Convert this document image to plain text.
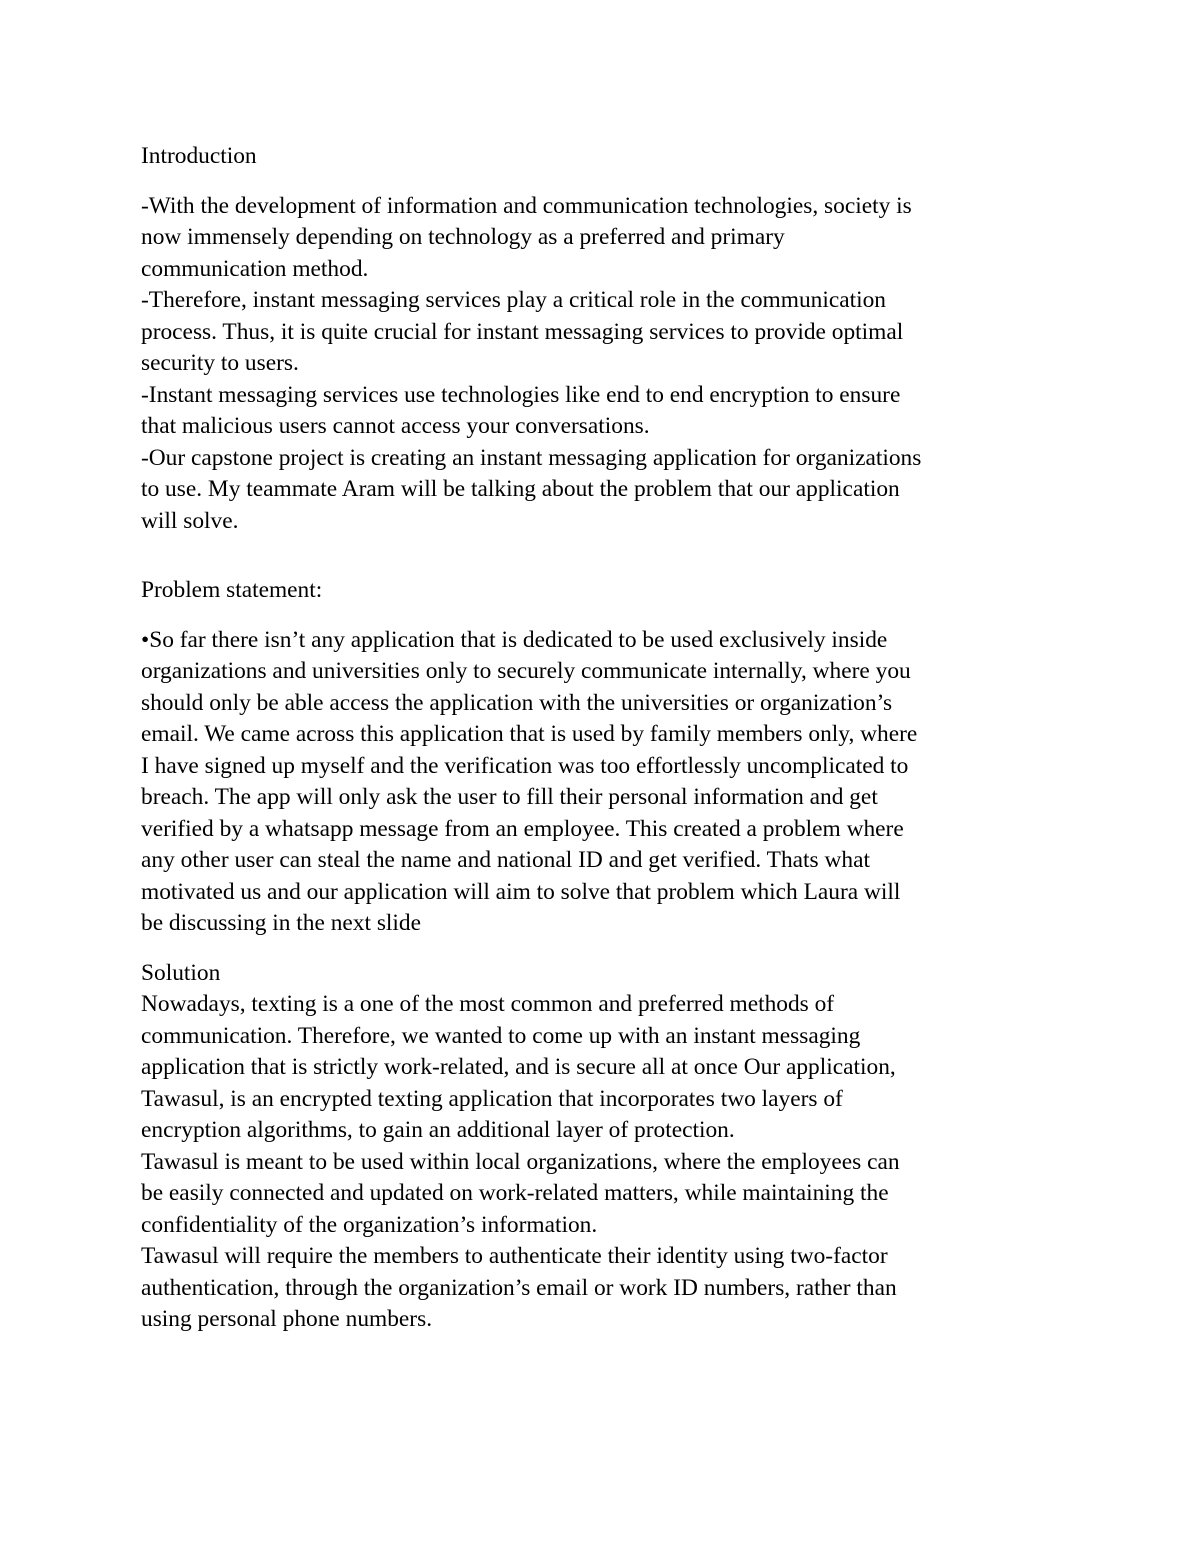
Introduction

-With the development of information and communication technologies, society is

now immensely depending on technology as a preferred and primary

communication method.

-Therefore, instant messaging services play a critical role in the communication

process. Thus, it is quite crucial for instant messaging services to provide optimal

security to users.

-Instant messaging services use technologies like end to end encryption to ensure

that malicious users cannot access your conversations.

-Our capstone project is creating an instant messaging application for organizations

to use. My teammate Aram will be talking about the problem that our application

will solve.

Problem statement:

•So far there isn’t any application that is dedicated to be used exclusively inside

organizations and universities only to securely communicate internally, where you

should only be able access the application with the universities or organization’s

email. We came across this application that is used by family members only, where

I have signed up myself and the verification was too effortlessly uncomplicated to

breach. The app will only ask the user to fill their personal information and get

verified by a whatsapp message from an employee. This created a problem where

any other user can steal the name and national ID and get verified. Thats what

motivated us and our application will aim to solve that problem which Laura will

be discussing in the next slide

Solution

Nowadays, texting is a one of the most common and preferred methods of

communication. Therefore, we wanted to come up with an instant messaging

application that is strictly work-related, and is secure all at once Our application,

Tawasul, is an encrypted texting application that incorporates two layers of

encryption algorithms, to gain an additional layer of protection.

Tawasul is meant to be used within local organizations, where the employees can

be easily connected and updated on work-related matters, while maintaining the

confidentiality of the organization’s information.

Tawasul will require the members to authenticate their identity using two-factor

authentication, through the organization’s email or work ID numbers, rather than

using personal phone numbers.
